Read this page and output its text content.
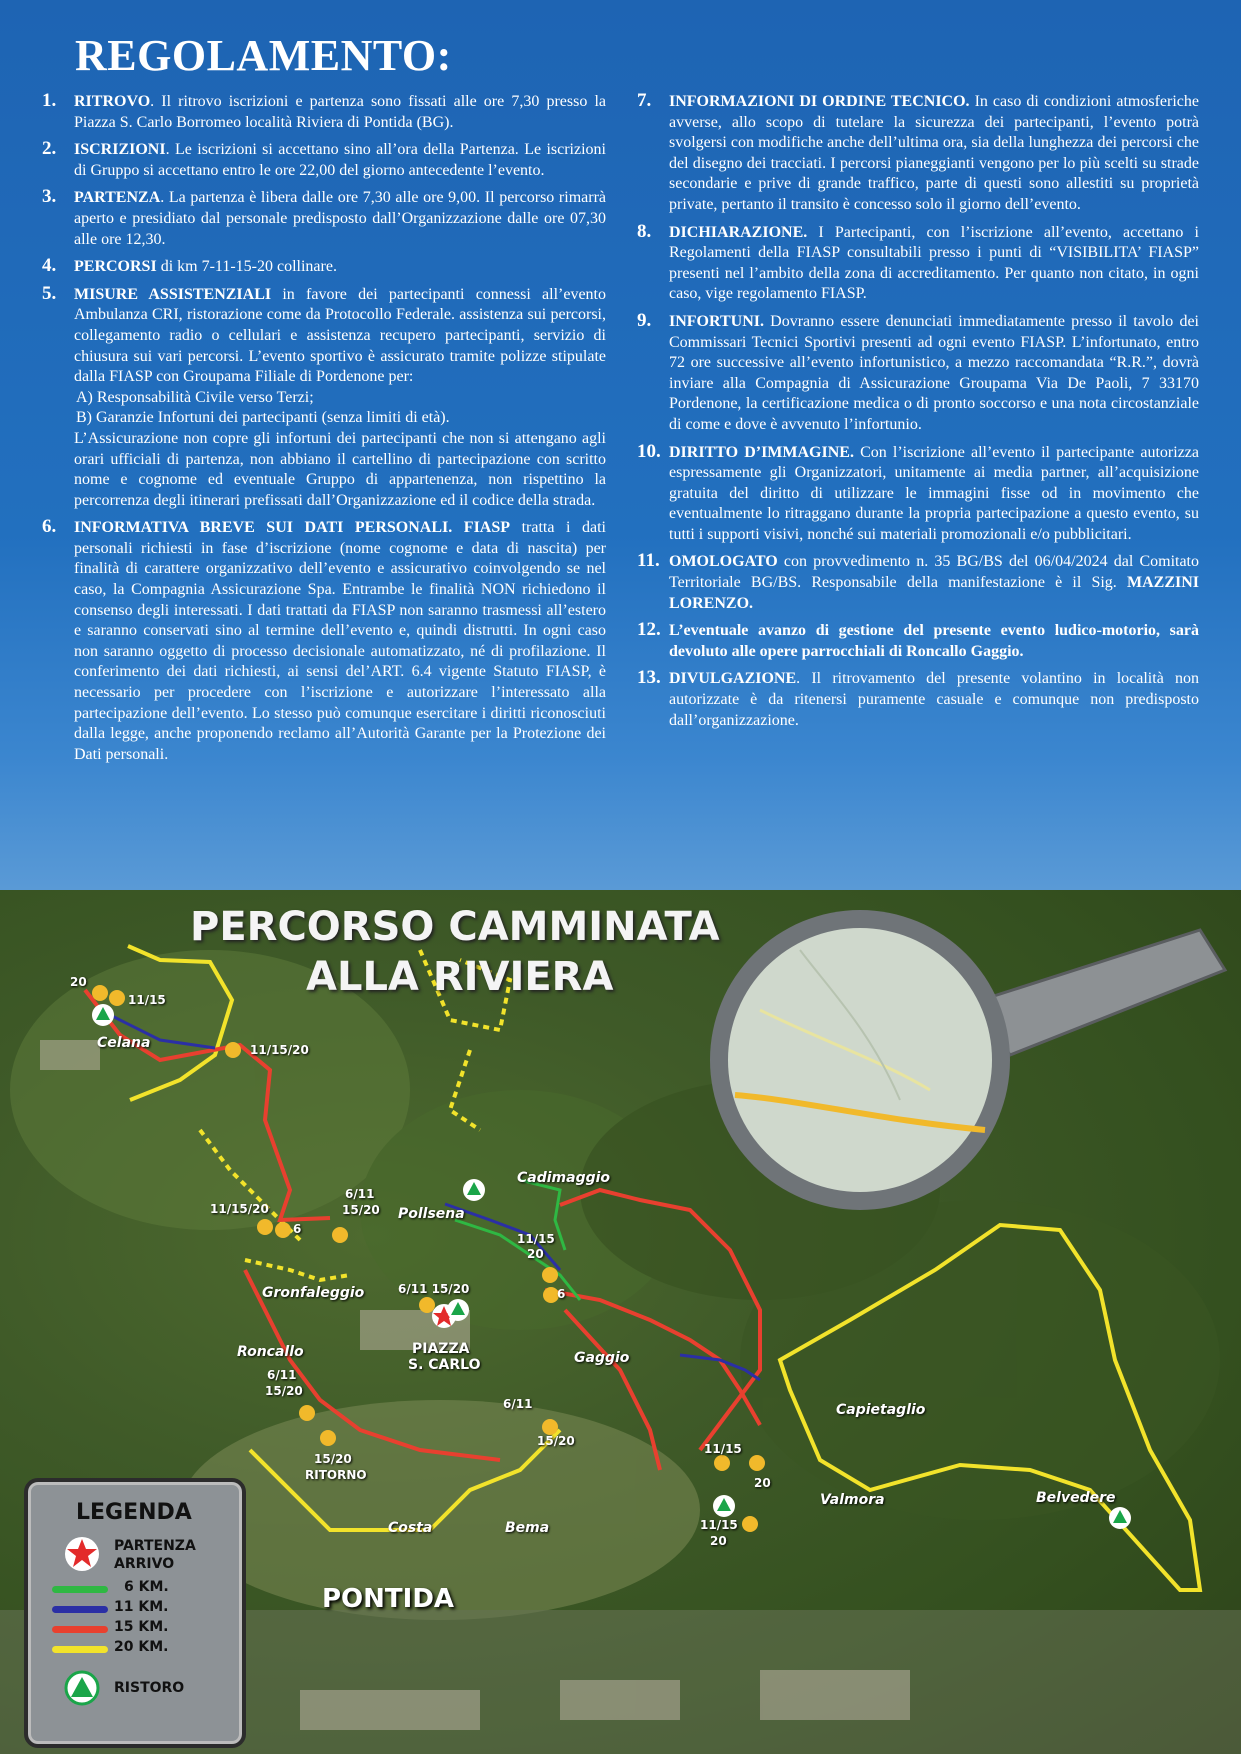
REGOLAMENTO:
1. RITROVO. Il ritrovo iscrizioni e partenza sono fissati alle ore 7,30 presso la Piazza S. Carlo Borromeo località Riviera di Pontida (BG).
2. ISCRIZIONI. Le iscrizioni si accettano sino all’ora della Partenza. Le iscrizioni di Gruppo si accettano entro le ore 22,00 del giorno antecedente l’evento.
3. PARTENZA. La partenza è libera dalle ore 7,30 alle ore 9,00. Il percorso rimarrà aperto e presidiato dal personale predisposto dall’Organizzazione dalle ore 07,30 alle ore 12,30.
4. PERCORSI di km 7-11-15-20 collinare.
5. MISURE ASSISTENZIALI in favore dei partecipanti connessi all’evento Ambulanza CRI, ristorazione come da Protocollo Federale. assistenza sui percorsi, collegamento radio o cellulari e assistenza recupero partecipanti, servizio di chiusura sui vari percorsi. L’evento sportivo è assicurato tramite polizze stipulate dalla FIASP con Groupama Filiale di Pordenone per:
A) Responsabilità Civile verso Terzi;
B) Garanzie Infortuni dei partecipanti (senza limiti di età).
L’Assicurazione non copre gli infortuni dei partecipanti che non si attengano agli orari ufficiali di partenza, non abbiano il cartellino di partecipazione con scritto nome e cognome ed eventuale Gruppo di appartenenza, non rispettino la percorrenza degli itinerari prefissati dall’Organizzazione ed il codice della strada.
6. INFORMATIVA BREVE SUI DATI PERSONALI. FIASP tratta i dati personali richiesti in fase d’iscrizione (nome cognome e data di nascita) per finalità di carattere organizzativo dell’evento e assicurativo coinvolgendo se nel caso, la Compagnia Assicurazione Spa. Entrambe le finalità NON richiedono il consenso degli interessati. I dati trattati da FIASP non saranno trasmessi all’estero e saranno conservati sino al termine dell’evento e, quindi distrutti. In ogni caso non saranno oggetto di processo decisionale automatizzato, né di profilazione. Il conferimento dei dati richiesti, ai sensi del’ART. 6.4 vigente Statuto FIASP, è necessario per procedere con l’iscrizione e autorizzare l’interessato alla partecipazione dell’evento. Lo stesso può comunque esercitare i diritti riconosciuti dalla legge, anche proponendo reclamo all’Autorità Garante per la Protezione dei Dati personali.
7. INFORMAZIONI DI ORDINE TECNICO. In caso di condizioni atmosferiche avverse, allo scopo di tutelare la sicurezza dei partecipanti, l’evento potrà svolgersi con modifiche anche dell’ultima ora, sia della lunghezza dei percorsi che del disegno dei tracciati. I percorsi pianeggianti vengono per lo più scelti su strade secondarie e prive di grande traffico, parte di questi sono allestiti su proprietà private, pertanto il transito è concesso solo il giorno dell’evento.
8. DICHIARAZIONE. I Partecipanti, con l’iscrizione all’evento, accettano i Regolamenti della FIASP consultabili presso i punti di “VISIBILITA’ FIASP” presenti nel l’ambito della zona di accreditamento. Per quanto non citato, in ogni caso, vige regolamento FIASP.
9. INFORTUNI. Dovranno essere denunciati immediatamente presso il tavolo dei Commissari Tecnici Sportivi presenti ad ogni evento FIASP. L’infortunato, entro 72 ore successive all’evento infortunistico, a mezzo raccomandata “R.R.”, dovrà inviare alla Compagnia di Assicurazione Groupama Via De Paoli, 7 33170 Pordenone, la certificazione medica o di pronto soccorso e una nota circostanziale di come e dove è avvenuto l’infortunio.
10. DIRITTO D’IMMAGINE. Con l’iscrizione all’evento il partecipante autorizza espressamente gli Organizzatori, unitamente ai media partner, all’acquisizione gratuita del diritto di utilizzare le immagini fisse od in movimento che eventualmente lo ritraggano durante la propria partecipazione a questo evento, su tutti i supporti visivi, nonché sui materiali promozionali e/o pubblicitari.
11. OMOLOGATO con provvedimento n. 35 BG/BS del 06/04/2024 dal Comitato Territoriale BG/BS. Responsabile della manifestazione è il Sig. MAZZINI LORENZO.
12. L’eventuale avanzo di gestione del presente evento ludico-motorio, sarà devoluto alle opere parrocchiali di Roncallo Gaggio.
13. DIVULGAZIONE. Il ritrovamento del presente volantino in località non autorizzate è da ritenersi puramente casuale e comunque non predisposto dall’organizzazione.
PERCORSO CAMMINATA
ALLA RIVIERA
Celana
Cadimaggio
Pollsena
Gronfaleggio
Roncallo	Gaggio
Capietaglio
Valmora	Belvedere
Costa	Bema
PIAZZA
S. CARLO
PONTIDA
20
11/15
11/15/20
11/15/20
6
6/11
15/20
11/15
20
6
6/11 15/20
6/11
15/20
6/11
15/20
15/20
RITORNO
11/15
20
11/15
20
LEGENDA
PARTENZA
ARRIVO
6 KM.
11 KM.
15 KM.
20 KM.
RISTORO
